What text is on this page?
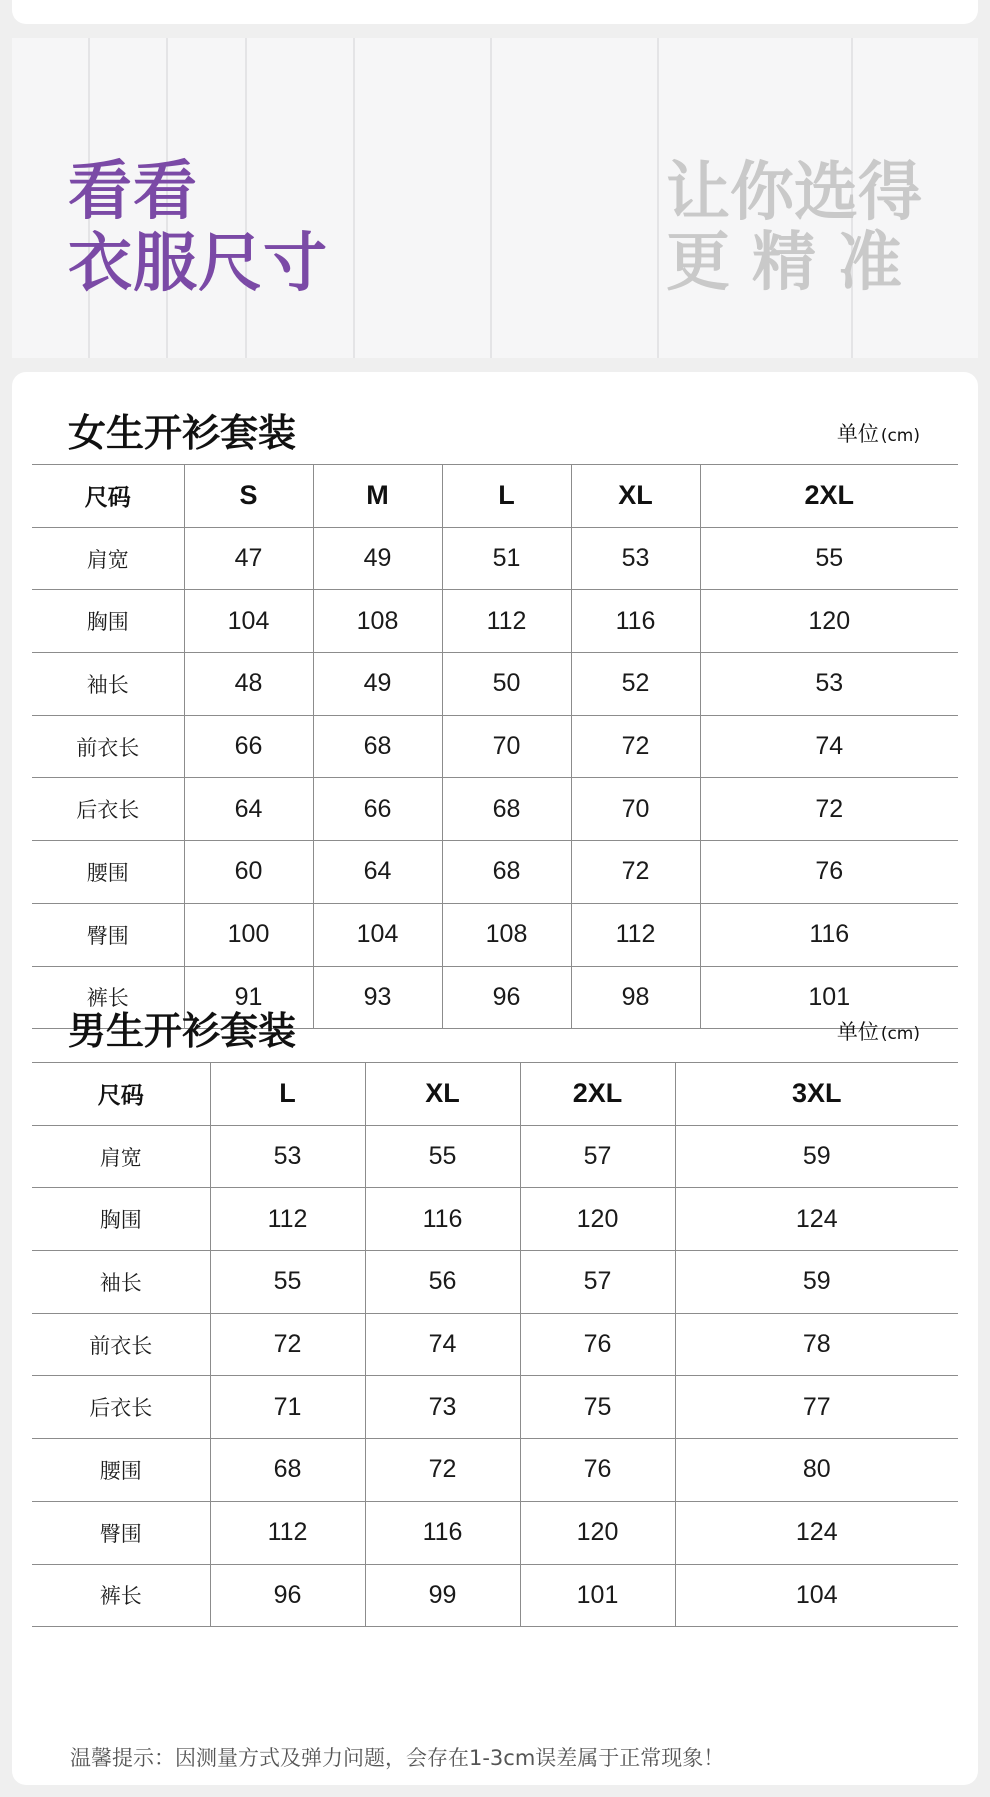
看看
衣服尺寸
让你选得
更精准
女生开衫套装	单位 (cm)
尺码	S	M	L	XL	2XL
肩宽	47	49	51	53	55
胸围	104	108	112	116	120
袖长	48	49	50	52	53
前衣长	66	68	70	72	74
后衣长	64	66	68	70	72
腰围	60	64	68	72	76
臀围	100	104	108	112	116
裤长	91	93	96	98	101
男生开衫套装	单位 (cm)
尺码	L	XL	2XL	3XL
肩宽	53	55	57	59
胸围	112	116	120	124
袖长	55	56	57	59
前衣长	72	74	76	78
后衣长	71	73	75	77
腰围	68	72	76	80
臀围	112	116	120	124
裤长	96	99	101	104
温馨提示：因测量方式及弹力问题，会存在1-3cm误差属于正常现象！
